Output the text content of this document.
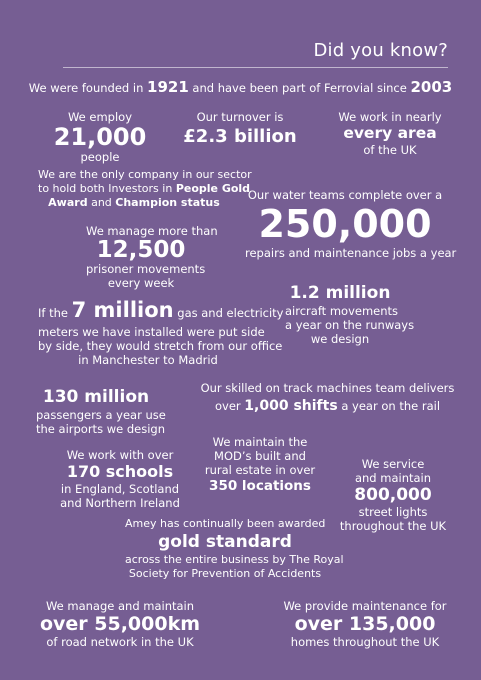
Did you know?
We were founded in 1921 and have been part of Ferrovial since 2003
We employ
21,000
people
Our turnover is
£2.3 billion
We work in nearly
every area
of the UK
We are the only company in our sector
to hold both Investors in People Gold
Award and Champion status
Our water teams complete over a
250,000
repairs and maintenance jobs a year
We manage more than
12,500
prisoner movements
every week
If the 7 million gas and electricity
meters we have installed were put side
by side, they would stretch from our office
in Manchester to Madrid
1.2 million
aircraft movements
a year on the runways
we design
130 million
passengers a year use
the airports we design
Our skilled on track machines team delivers
over 1,000 shifts a year on the rail
We work with over
170 schools
in England, Scotland
and Northern Ireland
We maintain the
MOD’s built and
rural estate in over
350 locations
We service
and maintain
800,000
street lights
throughout the UK
Amey has continually been awarded
gold standard
across the entire business by The Royal
Society for Prevention of Accidents
We manage and maintain
over 55,000km
of road network in the UK
We provide maintenance for
over 135,000
homes throughout the UK
